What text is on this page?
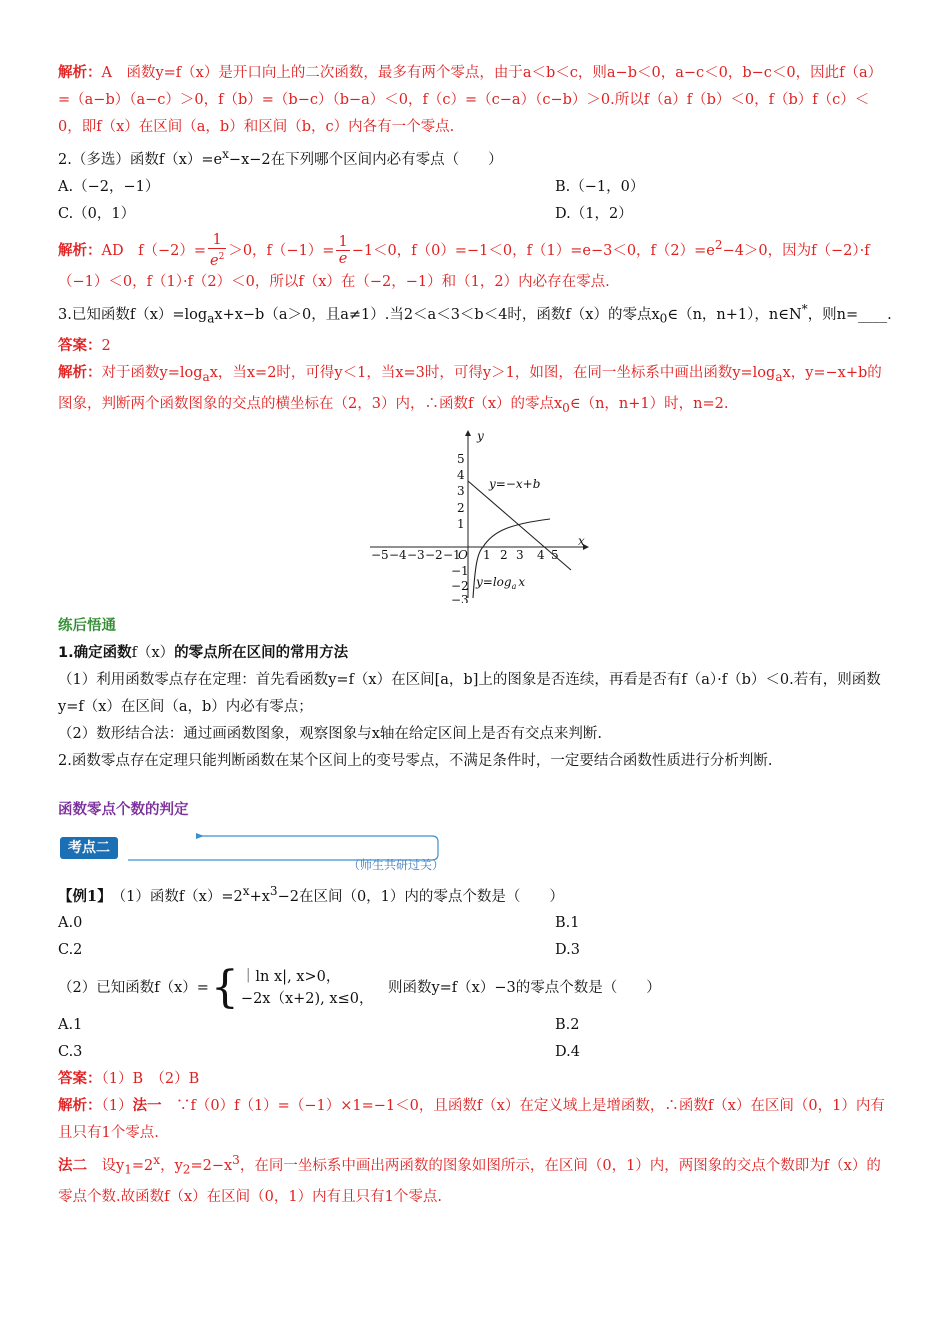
解析：A　函数y=f（x）是开口向上的二次函数，最多有两个零点，由于a＜b＜c，则a−b＜0，a−c＜0，b−c＜0，因此f（a）=（a−b）（a−c）＞0，f（b）=（b−c）（b−a）＜0，f（c）=（c−a）（c−b）＞0.所以f（a）f（b）＜0，f（b）f（c）＜0，即f（x）在区间（a，b）和区间（b，c）内各有一个零点.

2.（多选）函数$f(x)=e^x-x-2$在下列哪个区间内必有零点（　　）

A.（−2，−1）	B.（−1，0）
C.（0，1）	D.（1，2）

解析：AD　$f(-2)= \frac{1}{e^2} >0$，$f(-1)= \frac{1}{e} -1<0$，f（0）=−1＜0，f（1）=e−3＜0，$f(2)=e^2-4>0$，因为f（−2）·f（−1）＜0，f（1）·f（2）＜0，所以f（x）在（−2，−1）和（1，2）内必存在零点.

3.已知函数$f(x)=\log_ax+x-b(a>0$，且a≠1）.当2＜a＜3＜b＜4时，函数f（x）的零点$x_0\in(n$，n+1），n∈N*，则n=____.

答案：2

解析：对于函数$y=\log_ax$，当x=2时，可得y＜1，当x=3时，可得y＞1，如图，在同一坐标系中画出函数$y=\log_ax$，y=−x+b的图象，判断两个函数图象的交点的横坐标在（2，3）内，∴函数f（x）的零点$x_0\in(n$，n+1）时，n=2.

y
x
O
−5 −4 −3 −2 −1 1 2 3 4 5
5
4
3
2
1
−1
−2
−3
y=−x+b
$y=\log_a$ x

练后悟通

1.确定函数f（x）的零点所在区间的常用方法

（1）利用函数零点存在定理：首先看函数y=f（x）在区间[a，b]上的图象是否连续，再看是否有f（a）·f（b）＜0.若有，则函数y=f（x）在区间（a，b）内必有零点；

（2）数形结合法：通过画函数图象，观察图象与x轴在给定区间上是否有交点来判断.

2.函数零点存在定理只能判断函数在某个区间上的变号零点，不满足条件时，一定要结合函数性质进行分析判断.

函数零点个数的判定

考点二
（师生共研过关）

【例1】　 （1）函数$f(x)=2^x+x^3-2$在区间（0，1）内的零点个数是（　　）

A.0	B.1
C.2	D.3

（2）已知函数f（x）= { ｜ln x|, x>0，
−2x（x+2), x≤0，
　则函数y=f（x）−3的零点个数是（　　）

A.1	B.2
C.3	D.4

答案：（1）B　（2）B

解析：（1）法一　 ∵f（0）f（1）=（−1）×1=−1＜0，且函数f（x）在定义域上是增函数，∴函数f（x）在区间（0，1）内有且只有1个零点.

法二　 设$y_1=2^x$，$y_2=2-x^3$，在同一坐标系中画出两函数的图象如图所示，在区间（0，1）内，两图象的交点个数即为f（x）的零点个数.故函数f（x）在区间（0，1）内有且只有1个零点.
